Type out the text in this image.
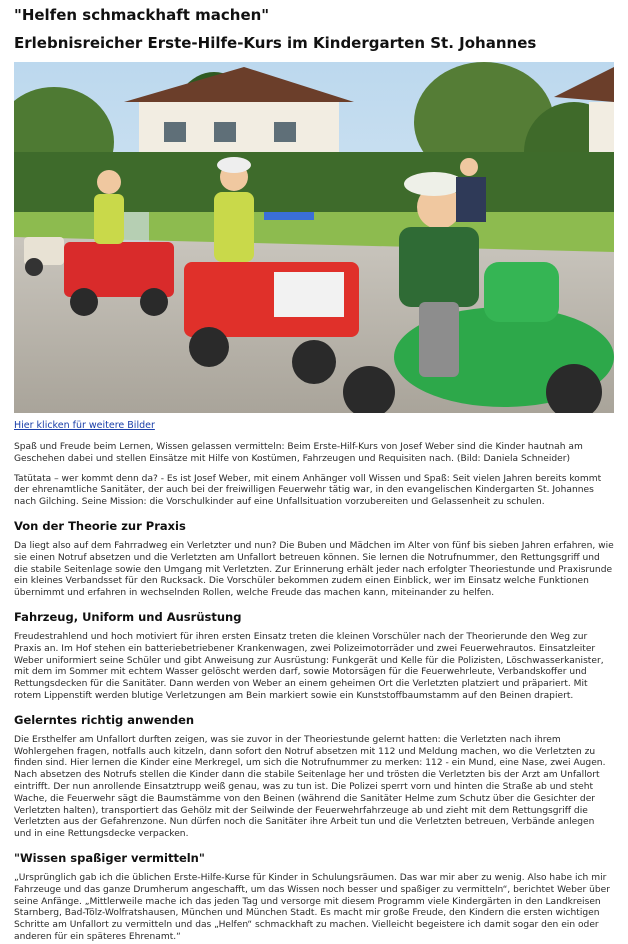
"Helfen schmackhaft machen"
Erlebnisreicher Erste-Hilfe-Kurs im Kindergarten St. Johannes
Hier klicken für weitere Bilder

Spaß und Freude beim Lernen, Wissen gelassen vermitteln: Beim Erste-Hilf-Kurs von Josef Weber sind die Kinder hautnah am Geschehen dabei und stellen Einsätze mit Hilfe von Kostümen, Fahrzeugen und Requisiten nach. (Bild: Daniela Schneider)

Tatütata – wer kommt denn da? - Es ist Josef Weber, mit einem Anhänger voll Wissen und Spaß: Seit vielen Jahren bereits kommt der ehrenamtliche Sanitäter, der auch bei der freiwilligen Feuerwehr tätig war, in den evangelischen Kindergarten St. Johannes nach Gilching. Seine Mission: die Vorschulkinder auf eine Unfallsituation vorzubereiten und Gelassenheit zu schulen.

Von der Theorie zur Praxis

Da liegt also auf dem Fahrradweg ein Verletzter und nun? Die Buben und Mädchen im Alter von fünf bis sieben Jahren erfahren, wie sie einen Notruf absetzen und die Verletzten am Unfallort betreuen können. Sie lernen die Notrufnummer, den Rettungsgriff und die stabile Seitenlage sowie den Umgang mit Verletzten. Zur Erinnerung erhält jeder nach erfolgter Theoriestunde und Praxisrunde ein kleines Verbandsset für den Rucksack. Die Vorschüler bekommen zudem einen Einblick, wer im Einsatz welche Funktionen übernimmt und erfahren in wechselnden Rollen, welche Freude das machen kann, miteinander zu helfen.

Fahrzeug, Uniform und Ausrüstung

Freudestrahlend und hoch motiviert für ihren ersten Einsatz treten die kleinen Vorschüler nach der Theorierunde den Weg zur Praxis an. Im Hof stehen ein batteriebetriebener Krankenwagen, zwei Polizeimotorräder und zwei Feuerwehrautos. Einsatzleiter Weber uniformiert seine Schüler und gibt Anweisung zur Ausrüstung: Funkgerät und Kelle für die Polizisten, Löschwasserkanister, mit dem im Sommer mit echtem Wasser gelöscht werden darf, sowie Motorsägen für die Feuerwehrleute, Verbandskoffer und Rettungsdecken für die Sanitäter. Dann werden von Weber an einem geheimen Ort die Verletzten platziert und präpariert. Mit rotem Lippenstift werden blutige Verletzungen am Bein markiert sowie ein Kunststoffbaumstamm auf den Beinen drapiert.

Gelerntes richtig anwenden

Die Ersthelfer am Unfallort durften zeigen, was sie zuvor in der Theoriestunde gelernt hatten: die Verletzten nach ihrem Wohlergehen fragen, notfalls auch kitzeln, dann sofort den Notruf absetzen mit 112 und Meldung machen, wo die Verletzten zu finden sind. Hier lernen die Kinder eine Merkregel, um sich die Notrufnummer zu merken: 112 - ein Mund, eine Nase, zwei Augen. Nach absetzen des Notrufs stellen die Kinder dann die stabile Seitenlage her und trösten die Verletzten bis der Arzt am Unfallort eintrifft. Der nun anrollende Einsatztrupp weiß genau, was zu tun ist. Die Polizei sperrt vorn und hinten die Straße ab und steht Wache, die Feuerwehr sägt die Baumstämme von den Beinen (während die Sanitäter Helme zum Schutz über die Gesichter der Verletzten halten), transportiert das Gehölz mit der Seilwinde der Feuerwehrfahrzeuge ab und zieht mit dem Rettungsgriff die Verletzten aus der Gefahrenzone. Nun dürfen noch die Sanitäter ihre Arbeit tun und die Verletzten betreuen, Verbände anlegen und in eine Rettungsdecke verpacken.

"Wissen spaßiger vermitteln"

„Ursprünglich gab ich die üblichen Erste-Hilfe-Kurse für Kinder in Schulungsräumen. Das war mir aber zu wenig. Also habe ich mir Fahrzeuge und das ganze Drumherum angeschafft, um das Wissen noch besser und spaßiger zu vermitteln“, berichtet Weber über seine Anfänge. „Mittlerweile mache ich das jeden Tag und versorge mit diesem Programm viele Kindergärten in den Landkreisen Starnberg, Bad-Tölz-Wolfratshausen, München und München Stadt. Es macht mir große Freude, den Kindern die ersten wichtigen Schritte am Unfallort zu vermitteln und das „Helfen“ schmackhaft zu machen. Vielleicht begeistere ich damit sogar den ein oder anderen für ein späteres Ehrenamt.“
